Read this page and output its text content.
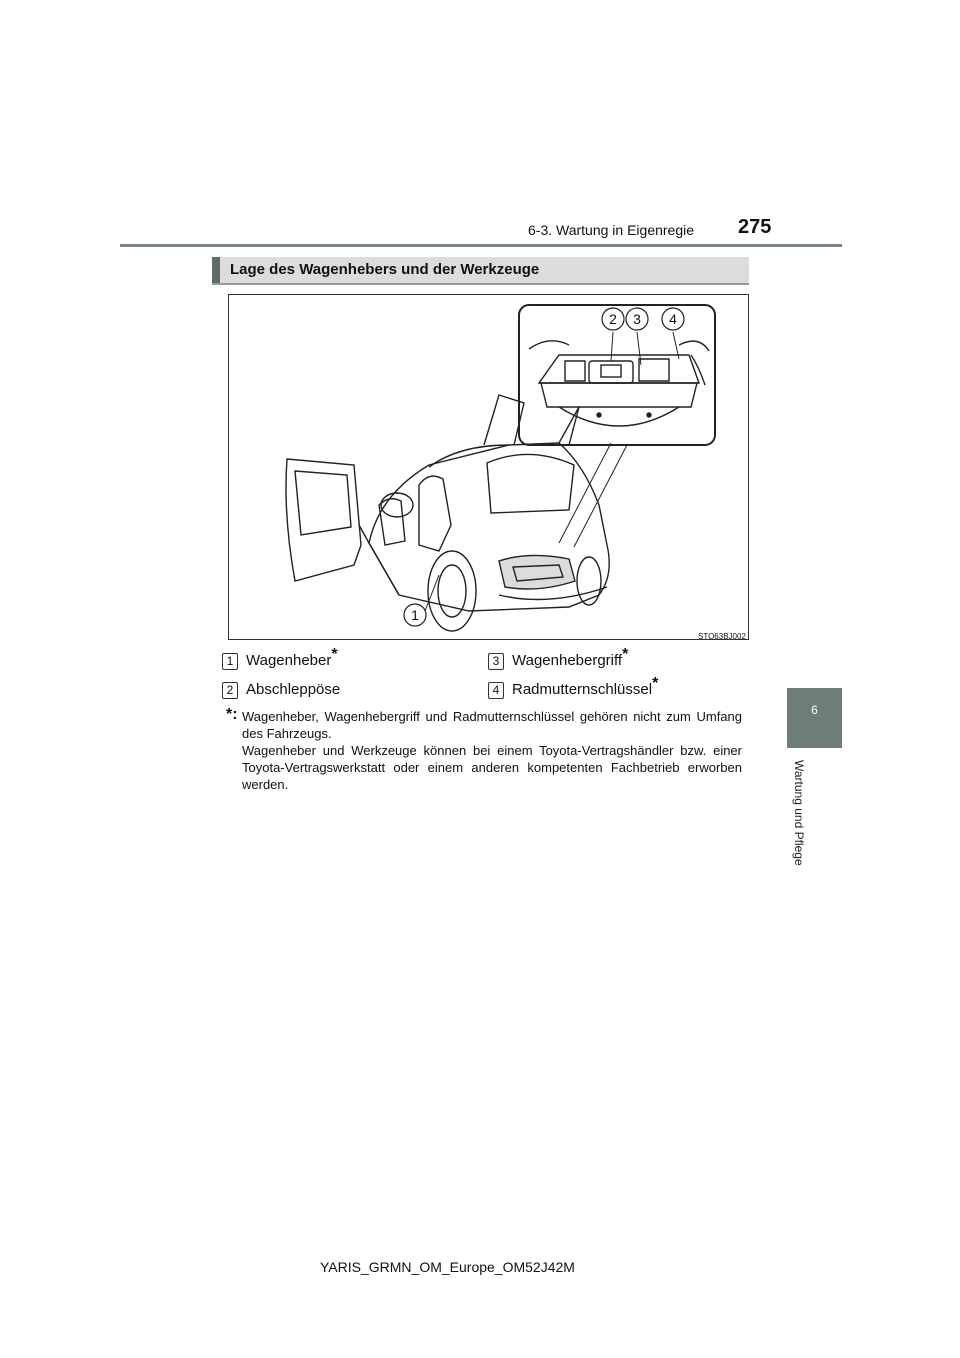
6-3. Wartung in Eigenregie 275
6
Wartung und Pflege
Lage des Wagenhebers und der Werkzeuge
2 3 4
1
STO63BJ002
1 Wagenheber*	3 Wagenhebergriff*
2 Abschleppöse	4 Radmutternschlüssel*
*: Wagenheber, Wagenhebergriff und Radmutternschlüssel gehören nicht zum Umfang des Fahrzeugs.

Wagenheber und Werkzeuge können bei einem Toyota-Vertragshändler bzw. einer Toyota-Vertragswerkstatt oder einem anderen kompetenten Fachbetrieb erworben werden.

YARIS_GRMN_OM_Europe_OM52J42M
